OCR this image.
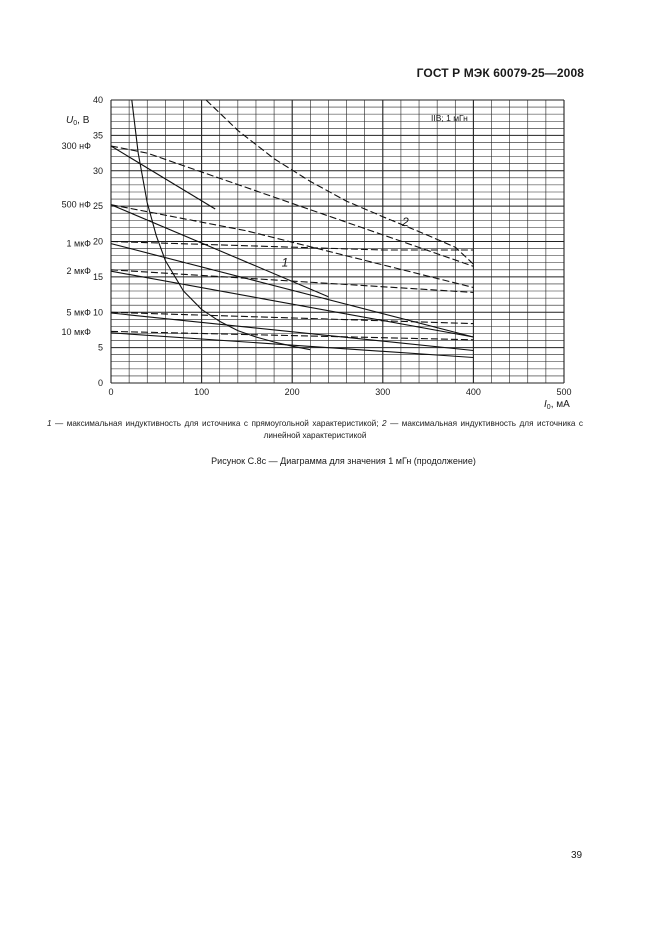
ГОСТ Р МЭК 60079-25—2008
0	100	200	300	400	500
0
5
10
15
20
25
30
35
40
300 нФ
500 нФ
1 мкФ
2 мкФ
5 мкФ
10 мкФ
1
2
IIB; 1 мГн
$U_0$, В
$I_0$, мА
1 — максимальная индуктивность для источника с прямоугольной характеристикой; 2 — максимальная индуктивность для источника с линейной характеристикой
Рисунок С.8с — Диаграмма для значения 1 мГн (продолжение)
39
